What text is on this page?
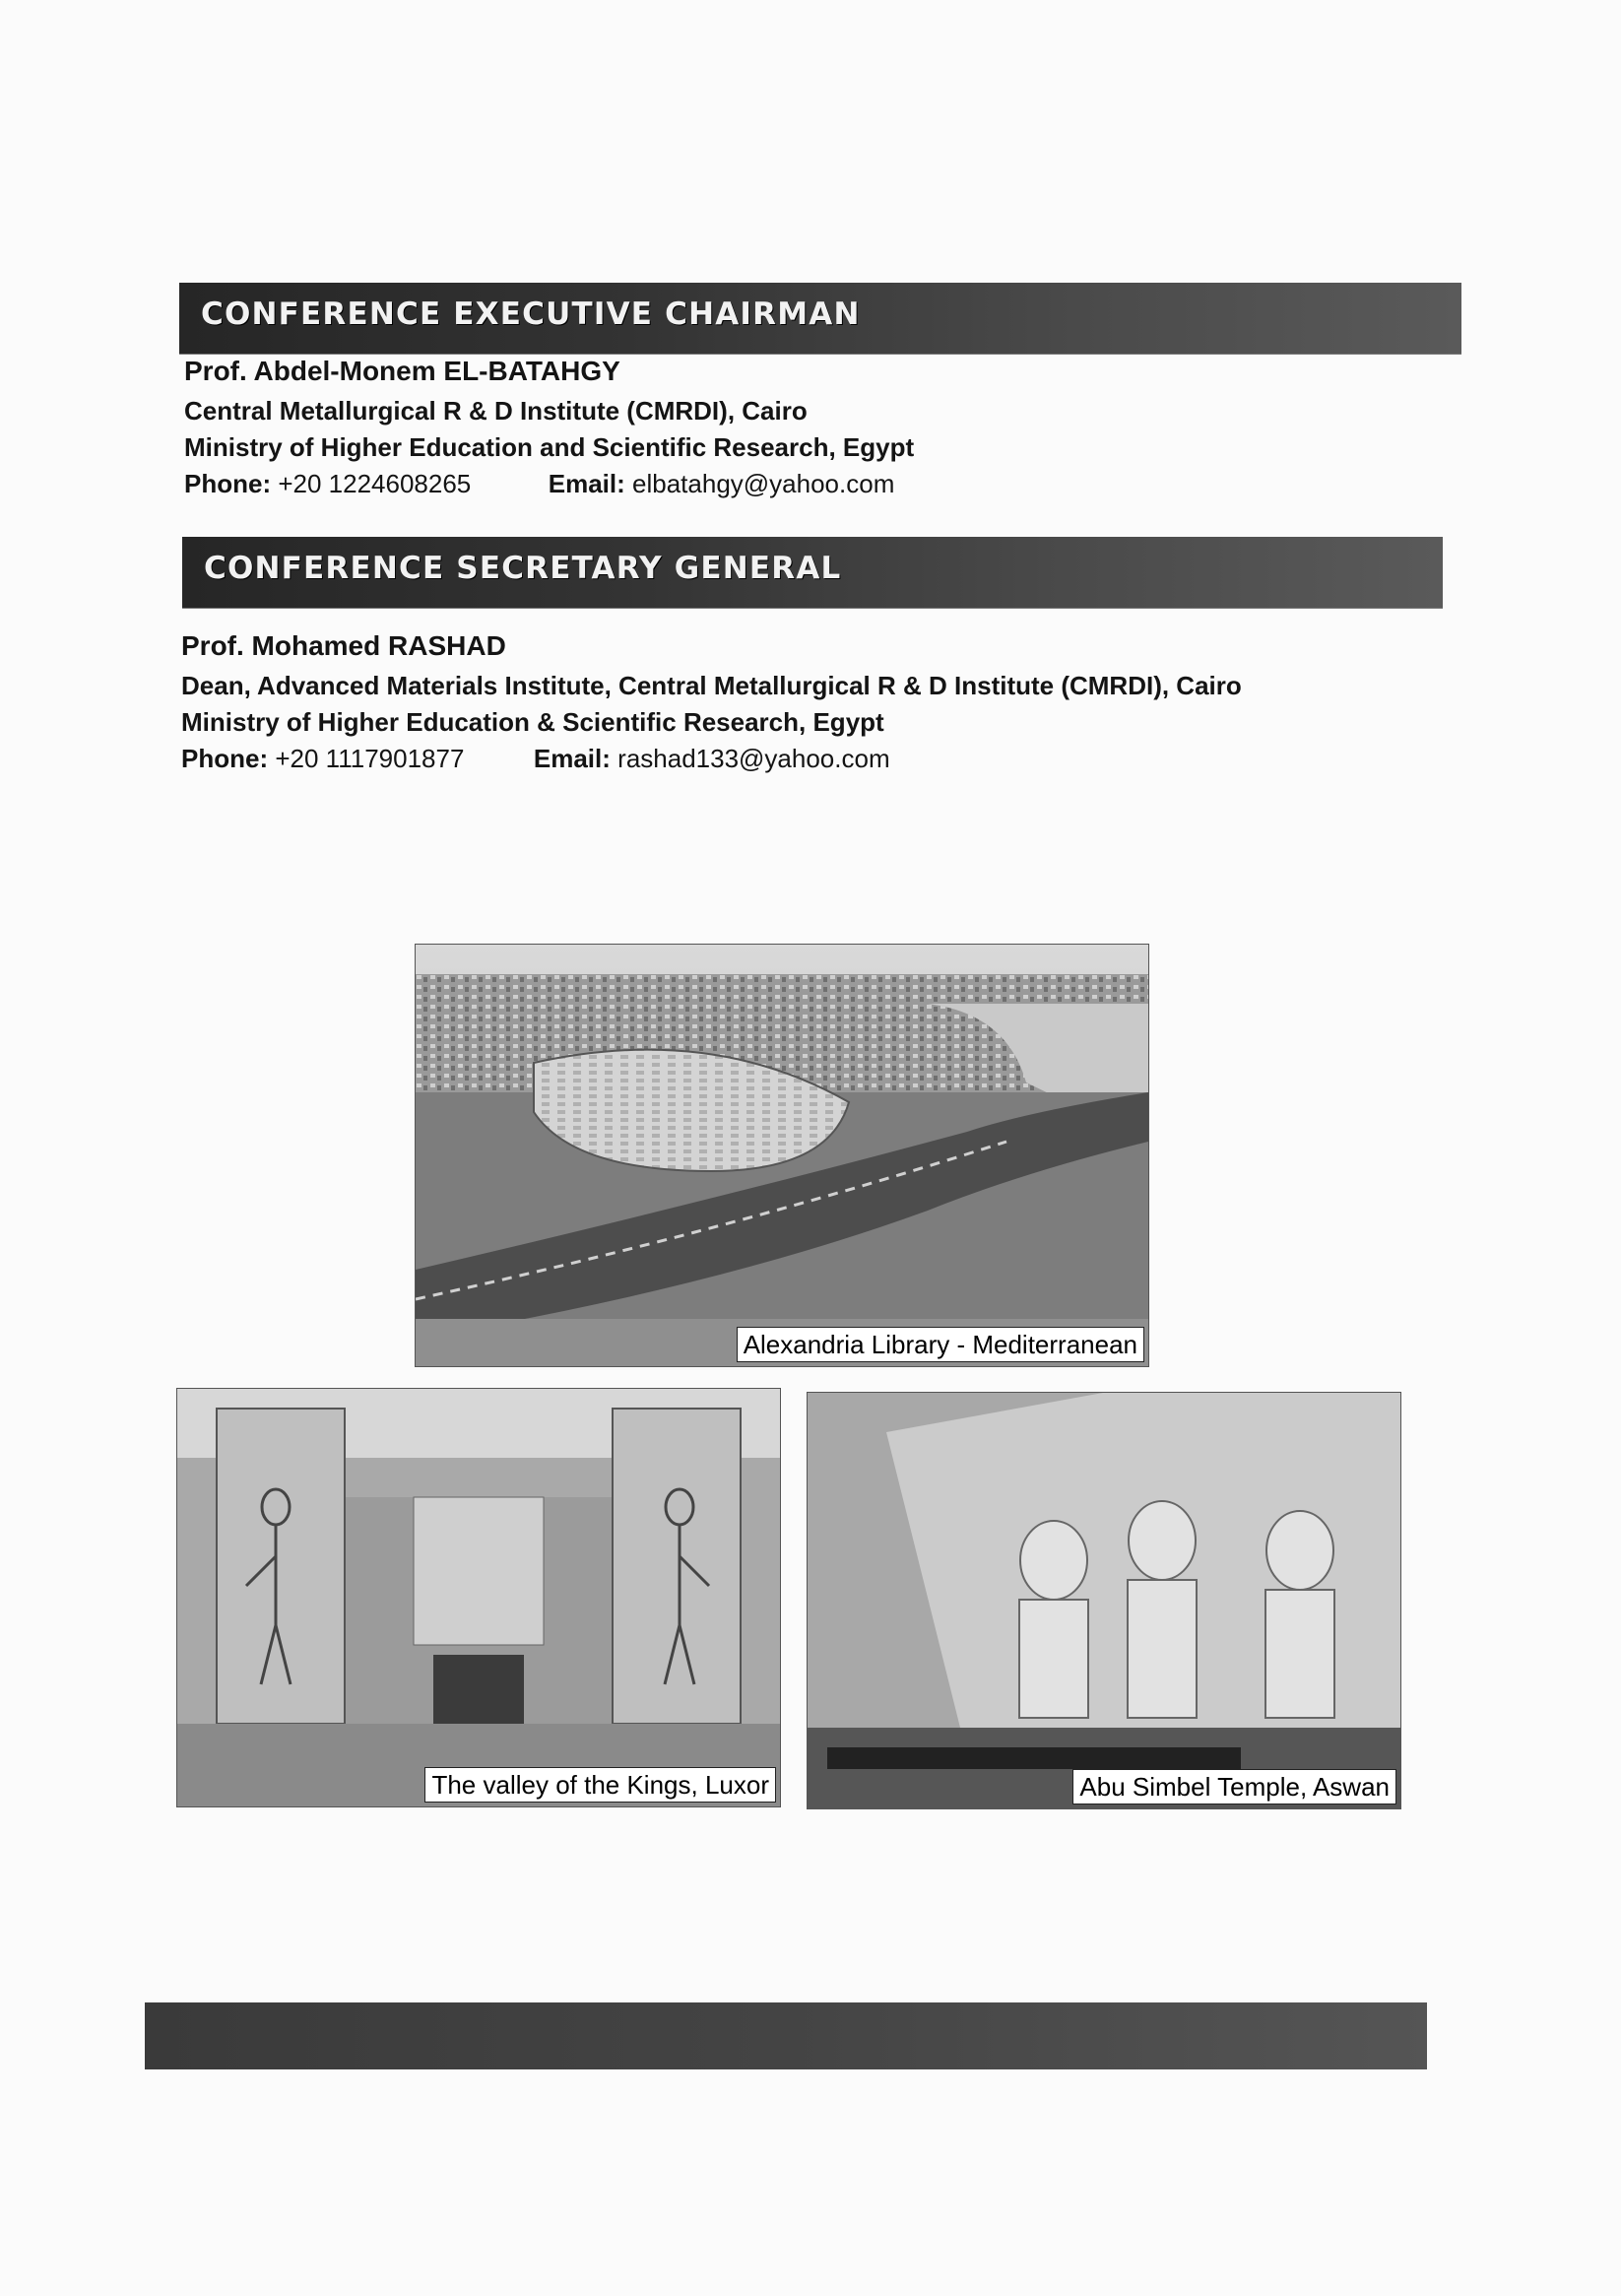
CONFERENCE EXECUTIVE CHAIRMAN
Prof. Abdel-Monem EL-BATAHGY
Central Metallurgical R & D Institute (CMRDI), Cairo
Ministry of Higher Education and Scientific Research, Egypt
Phone: +20 1224608265	Email: elbatahgy@yahoo.com
CONFERENCE SECRETARY GENERAL
Prof. Mohamed RASHAD
Dean, Advanced Materials Institute, Central Metallurgical R & D Institute (CMRDI), Cairo
Ministry of Higher Education & Scientific Research, Egypt
Phone: +20 1117901877	Email: rashad133@yahoo.com
Alexandria Library - Mediterranean
The valley of the Kings, Luxor	Abu Simbel Temple, Aswan
